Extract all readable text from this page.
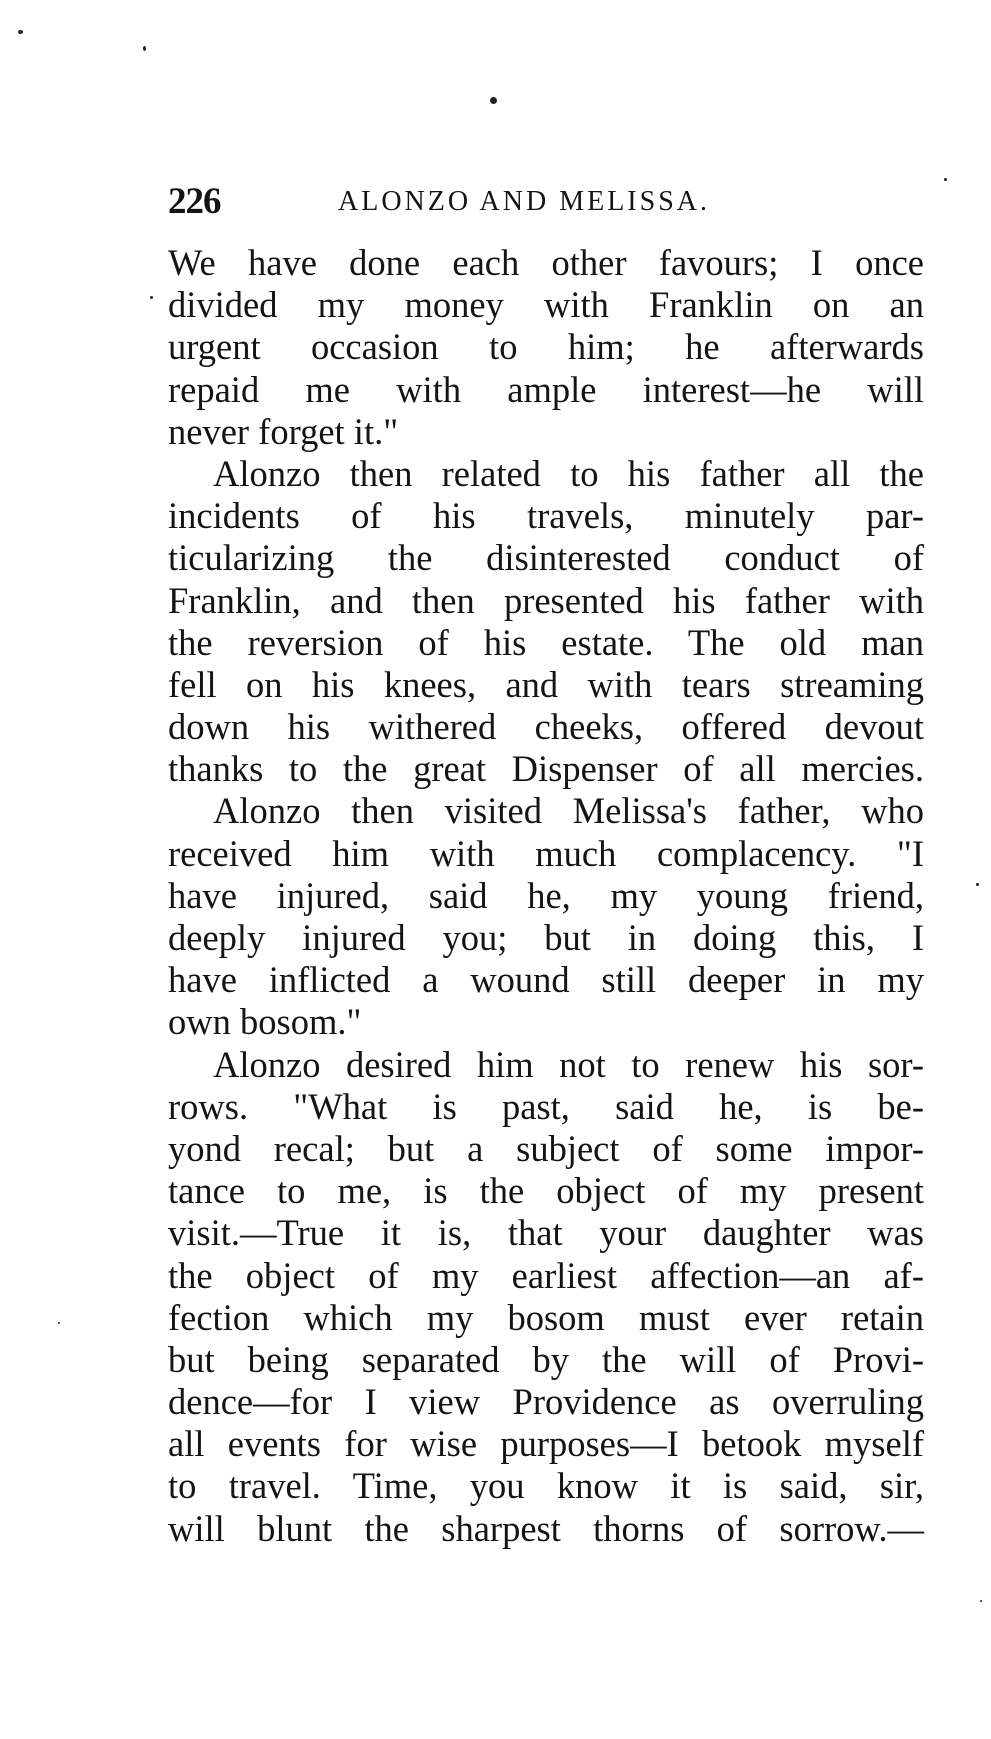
226	ALONZO AND MELISSA.
We have done each other favours; I once
divided my money with Franklin on an
urgent occasion to him; he afterwards
repaid me with ample interest—he will
never forget it."
Alonzo then related to his father all the
incidents of his travels, minutely par-
ticularizing the disinterested conduct of
Franklin, and then presented his father with
the reversion of his estate. The old man
fell on his knees, and with tears streaming
down his withered cheeks, offered devout
thanks to the great Dispenser of all mercies.
Alonzo then visited Melissa's father, who
received him with much complacency. "I
have injured, said he, my young friend,
deeply injured you; but in doing this, I
have inflicted a wound still deeper in my
own bosom."
Alonzo desired him not to renew his sor-
rows. "What is past, said he, is be-
yond recal; but a subject of some impor-
tance to me, is the object of my present
visit.—True it is, that your daughter was
the object of my earliest affection—an af-
fection which my bosom must ever retain
but being separated by the will of Provi-
dence—for I view Providence as overruling
all events for wise purposes—I betook myself
to travel. Time, you know it is said, sir,
will blunt the sharpest thorns of sorrow.—
